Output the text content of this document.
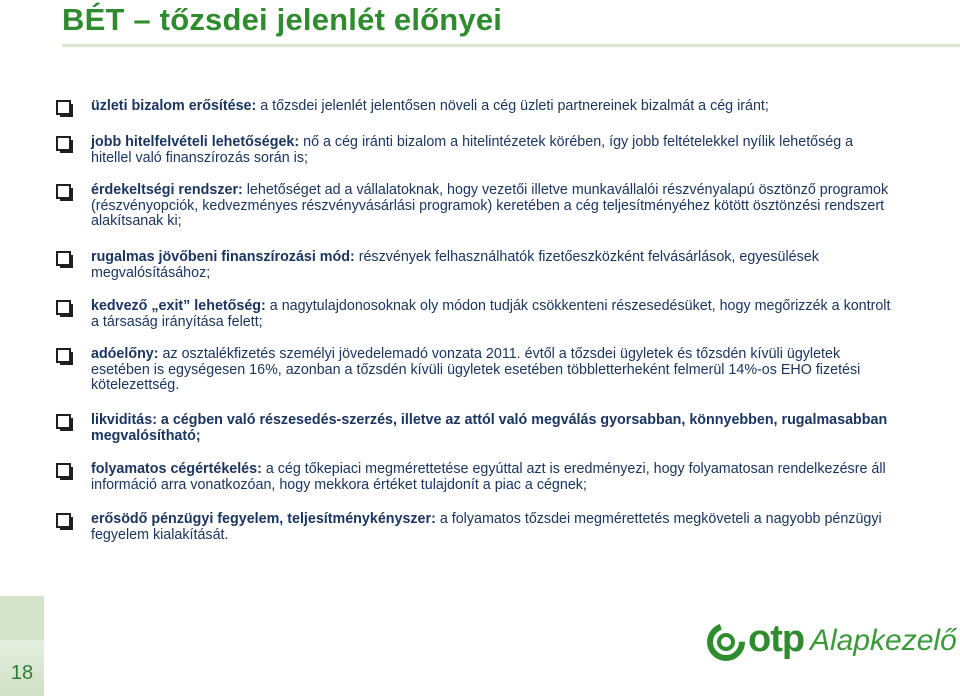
BÉT – tőzsdei jelenlét előnyei
üzleti bizalom erősítése: a tőzsdei jelenlét jelentősen növeli a cég üzleti partnereinek bizalmát a cég iránt;
jobb hitelfelvételi lehetőségek: nő a cég iránti bizalom a hitelintézetek körében, így jobb feltételekkel nyílik lehetőség a hitellel való finanszírozás során is;
érdekeltségi rendszer: lehetőséget ad a vállalatoknak, hogy vezetői illetve munkavállalói részvényalapú ösztönző programok (részvényopciók, kedvezményes részvényvásárlási programok) keretében a cég teljesítményéhez kötött ösztönzési rendszert alakítsanak ki;
rugalmas jövőbeni finanszírozási mód: részvények felhasználhatók fizetőeszközként felvásárlások, egyesülések megvalósításához;
kedvező „exit” lehetőség: a nagytulajdonosoknak oly módon tudják csökkenteni részesedésüket, hogy megőrizzék a kontrolt a társaság irányítása felett;
adóelőny: az osztalékfizetés személyi jövedelemadó vonzata 2011. évtől a tőzsdei ügyletek és tőzsdén kívüli ügyletek esetében is egységesen 16%, azonban a tőzsdén kívüli ügyletek esetében többletterheként felmerül 14%-os EHO fizetési kötelezettség.
likviditás: a cégben való részesedés-szerzés, illetve az attól való megválás gyorsabban, könnyebben, rugalmasabban megvalósítható;
folyamatos cégértékelés: a cég tőkepiaci megmérettetése egyúttal azt is eredményezi, hogy folyamatosan rendelkezésre áll információ arra vonatkozóan, hogy mekkora értéket tulajdonít a piac a cégnek;
erősödő pénzügyi fegyelem, teljesítménykényszer: a folyamatos tőzsdei megmérettetés megköveteli a nagyobb pénzügyi fegyelem kialakítását.
18
otp Alapkezelő
